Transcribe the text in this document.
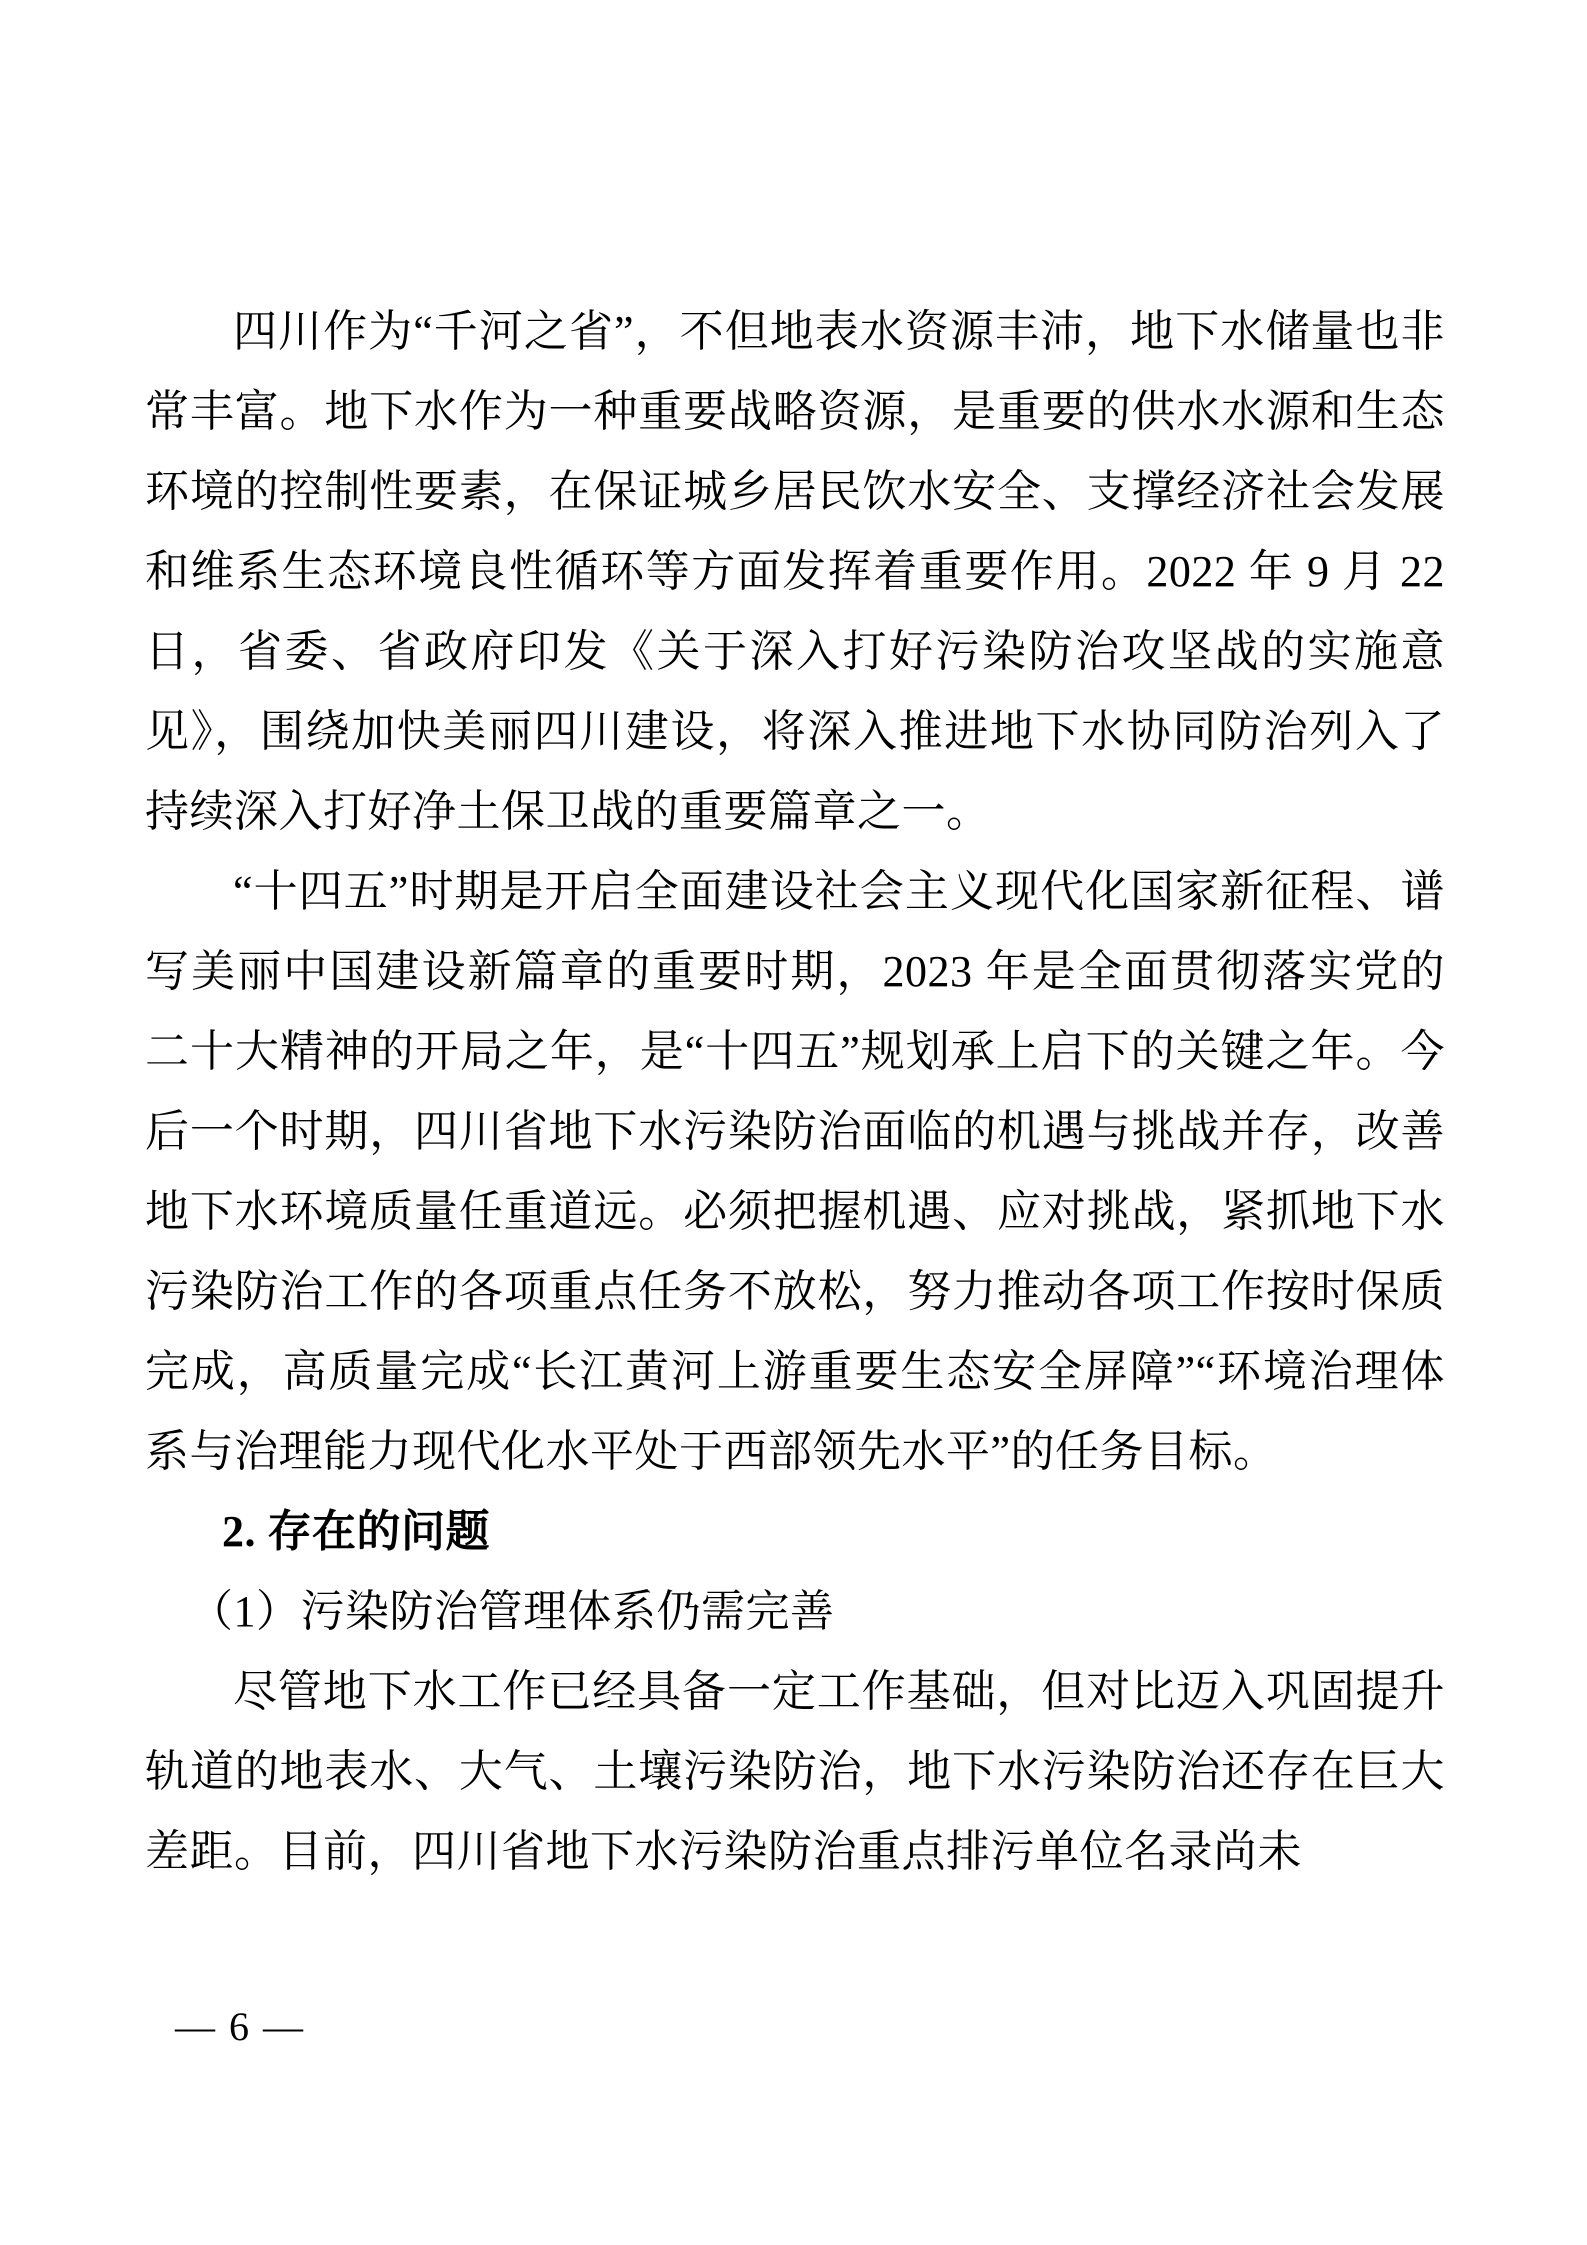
四川作为“千河之省”，不但地表水资源丰沛，地下水储量也非常丰富。地下水作为一种重要战略资源，是重要的供水水源和生态环境的控制性要素，在保证城乡居民饮水安全、支撑经济社会发展和维系生态环境良性循环等方面发挥着重要作用。2022 年 9 月 22 日，省委、省政府印发《关于深入打好污染防治攻坚战的实施意见》，围绕加快美丽四川建设，将深入推进地下水协同防治列入了持续深入打好净土保卫战的重要篇章之一。

“十四五”时期是开启全面建设社会主义现代化国家新征程、谱写美丽中国建设新篇章的重要时期，2023 年是全面贯彻落实党的二十大精神的开局之年，是“十四五”规划承上启下的关键之年。今后一个时期，四川省地下水污染防治面临的机遇与挑战并存，改善地下水环境质量任重道远。必须把握机遇、应对挑战，紧抓地下水污染防治工作的各项重点任务不放松，努力推动各项工作按时保质完成，高质量完成“长江黄河上游重要生态安全屏障”“环境治理体系与治理能力现代化水平处于西部领先水平”的任务目标。

2. 存在的问题

（1）污染防治管理体系仍需完善

尽管地下水工作已经具备一定工作基础，但对比迈入巩固提升轨道的地表水、大气、土壤污染防治，地下水污染防治还存在巨大差距。目前，四川省地下水污染防治重点排污单位名录尚未

— 6 —
